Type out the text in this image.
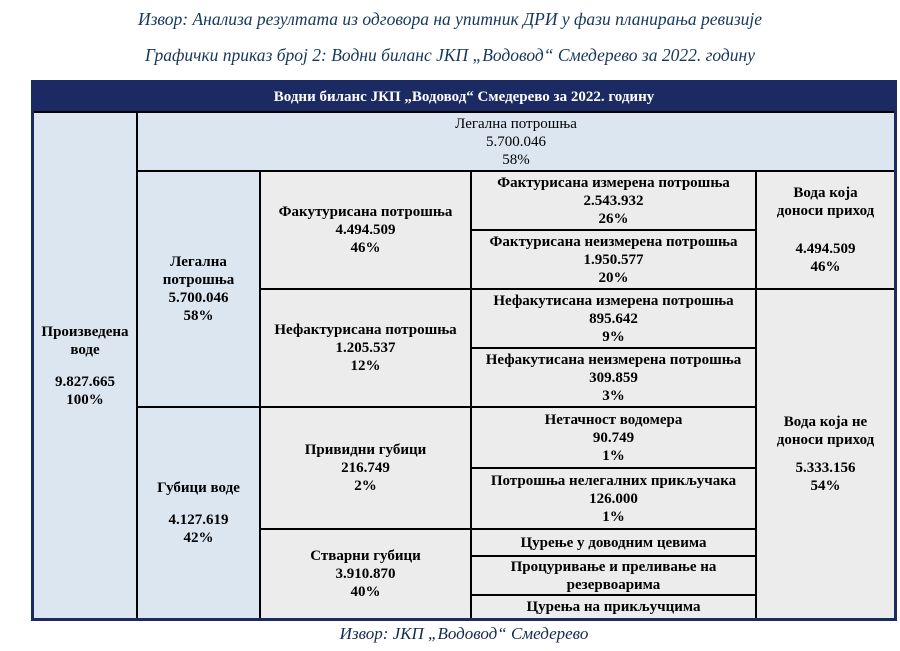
Извор: Анализа резултата из одговора на упитник ДРИ у фази планирања ревизије
Графички приказ број 2: Водни биланс ЈКП „Водовод“ Смедерево за 2022. годину
Водни биланс ЈКП „Водовод“ Смедерево за 2022. годину
Произведена воде
9.827.665
100%
Легална потрошња
5.700.046
58%
Легална потрошња
5.700.046
58%
Губици воде
4.127.619
42%
Факутурисана потрошња
4.494.509
46%
Нефактурисана потрошња
1.205.537
12%
Привидни губици
216.749
2%
Стварни губици
3.910.870
40%
Фактурисана измерена потрошња
2.543.932
26%
Фактурисана неизмерена потрошња
1.950.577
20%
Нефакутисана измерена потрошња
895.642
9%
Нефакутисана неизмерена потрошња
309.859
3%
Нетачност водомера
90.749
1%
Потрошња нелегалних прикључака
126.000
1%
Цурење у доводним цевима
Процуривање и преливање на резервоарима
Цурења на прикључцима
Вода која доноси приход
4.494.509
46%
Вода која не доноси приход
5.333.156
54%
Извор: ЈКП „Водовод“ Смедерево
